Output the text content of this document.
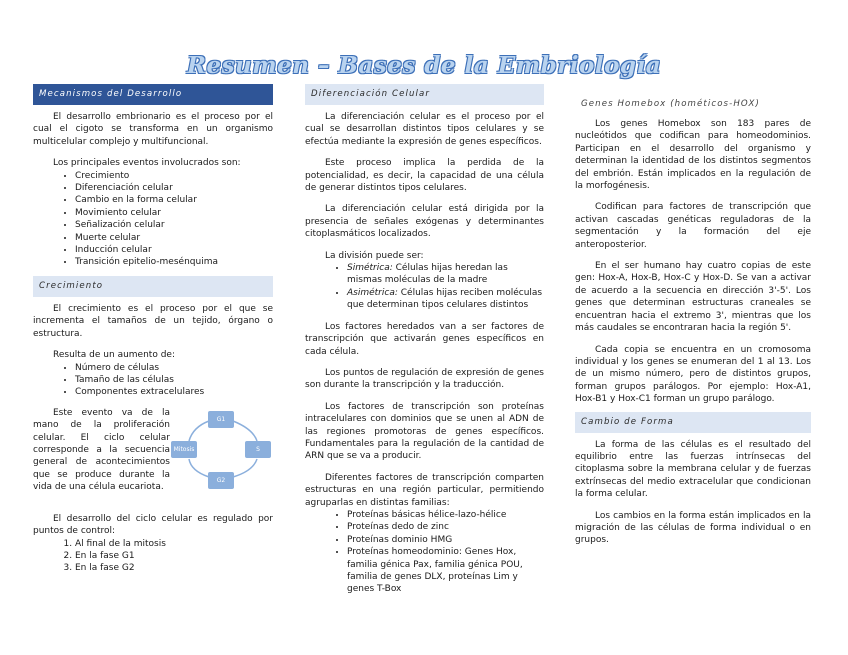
Resumen – Bases de la Embriología
Mecanismos del Desarrollo

El desarrollo embrionario es el proceso por el cual el cigoto se transforma en un organismo multicelular complejo y multifuncional.

Los principales eventos involucrados son:

• Crecimiento
• Diferenciación celular
• Cambio en la forma celular
• Movimiento celular
• Señalización celular
• Muerte celular
• Inducción celular
• Transición epitelio-mesénquima
Crecimiento

El crecimiento es el proceso por el que se incrementa el tamaños de un tejido, órgano o estructura.

Resulta de un aumento de:

• Número de células
• Tamaño de las células
• Componentes extracelulares

Este evento va de la mano de la proliferación celular. El ciclo celular corresponde a la secuencia general de acontecimientos que se produce durante la vida de una célula eucariota.

G1
S
G2
Mitosis

El desarrollo del ciclo celular es regulado por puntos de control:

1. Al final de la mitosis
2. En la fase G1
3. En la fase G2
Diferenciación Celular

La diferenciación celular es el proceso por el cual se desarrollan distintos tipos celulares y se efectúa mediante la expresión de genes específicos.

Este proceso implica la perdida de la potencialidad, es decir, la capacidad de una célula de generar distintos tipos celulares.

La diferenciación celular está dirigida por la presencia de señales exógenas y determinantes citoplasmáticos localizados.

La división puede ser:

• Simétrica: Células hijas heredan las mismas moléculas de la madre
• Asimétrica: Células hijas reciben moléculas que determinan tipos celulares distintos

Los factores heredados van a ser factores de transcripción que activarán genes específicos en cada célula.

Los puntos de regulación de expresión de genes son durante la transcripción y la traducción.

Los factores de transcripción son proteínas intracelulares con dominios que se unen al ADN de las regiones promotoras de genes específicos. Fundamentales para la regulación de la cantidad de ARN que se va a producir.

Diferentes factores de transcripción comparten estructuras en una región particular, permitiendo agruparlas en distintas familias:

• Proteínas básicas hélice-lazo-hélice
• Proteínas dedo de zinc
• Proteínas dominio HMG
• Proteínas homeodominio: Genes Hox, familia génica Pax, familia génica POU, familia de genes DLX, proteínas Lim y genes T-Box
Genes Homebox (hométicos-HOX)

Los genes Homebox son 183 pares de nucleótidos que codifican para homeodominios. Participan en el desarrollo del organismo y determinan la identidad de los distintos segmentos del embrión. Están implicados en la regulación de la morfogénesis.

Codifican para factores de transcripción que activan cascadas genéticas reguladoras de la segmentación y la formación del eje anteroposterior.

En el ser humano hay cuatro copias de este gen: Hox-A, Hox-B, Hox-C y Hox-D. Se van a activar de acuerdo a la secuencia en dirección 3'-5'. Los genes que determinan estructuras craneales se encuentran hacia el extremo 3', mientras que los más caudales se encontraran hacia la región 5'.

Cada copia se encuentra en un cromosoma individual y los genes se enumeran del 1 al 13. Los de un mismo número, pero de distintos grupos, forman grupos parálogos. Por ejemplo: Hox-A1, Hox-B1 y Hox-C1 forman un grupo parálogo.

Cambio de Forma

La forma de las células es el resultado del equilibrio entre las fuerzas intrínsecas del citoplasma sobre la membrana celular y de fuerzas extrínsecas del medio extracelular que condicionan la forma celular.

Los cambios en la forma están implicados en la migración de las células de forma individual o en grupos.
